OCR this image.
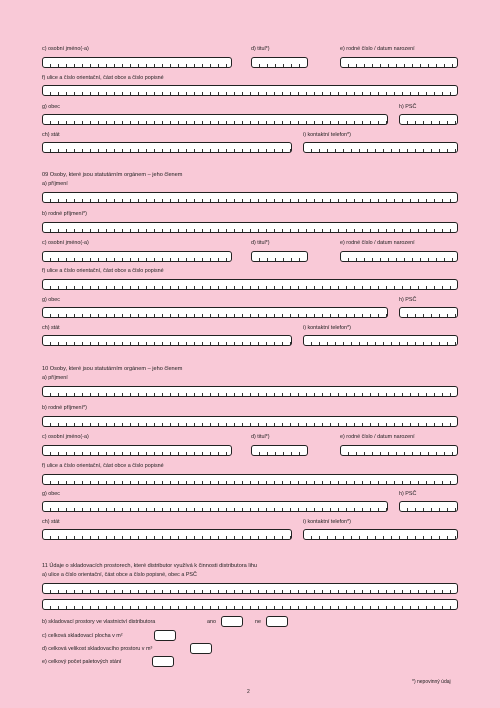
c) osobní jméno(-a)	d) titul*)	e) rodné číslo / datum narození
f) ulice a číslo orientační, část obce a číslo popisné
g) obec	h) PSČ
ch) stát	i) kontaktní telefon*)
09 Osoby, které jsou statutárním orgánem – jeho členem
a) příjmení
b) rodné příjmení*)
c) osobní jméno(-a)	d) titul*)	e) rodné číslo / datum narození
f) ulice a číslo orientační, část obce a číslo popisné
g) obec	h) PSČ
ch) stát	i) kontaktní telefon*)
10 Osoby, které jsou statutárním orgánem – jeho členem
a) příjmení
b) rodné příjmení*)
c) osobní jméno(-a)	d) titul*)	e) rodné číslo / datum narození
f) ulice a číslo orientační, část obce a číslo popisné
g) obec	h) PSČ
ch) stát	i) kontaktní telefon*)
11 Údaje o skladovacích prostorech, které distributor využívá k činnosti distributora lihu
a) ulice a číslo orientační, část obce a číslo popisné, obec a PSČ
b) skladovací prostory ve vlastnictví distributora	ano	ne
c) celková skladovací plocha v m²
d) celková velikost skladovacího prostoru v m³
e) celkový počet paletových stání
*) nepovinný údaj
2
